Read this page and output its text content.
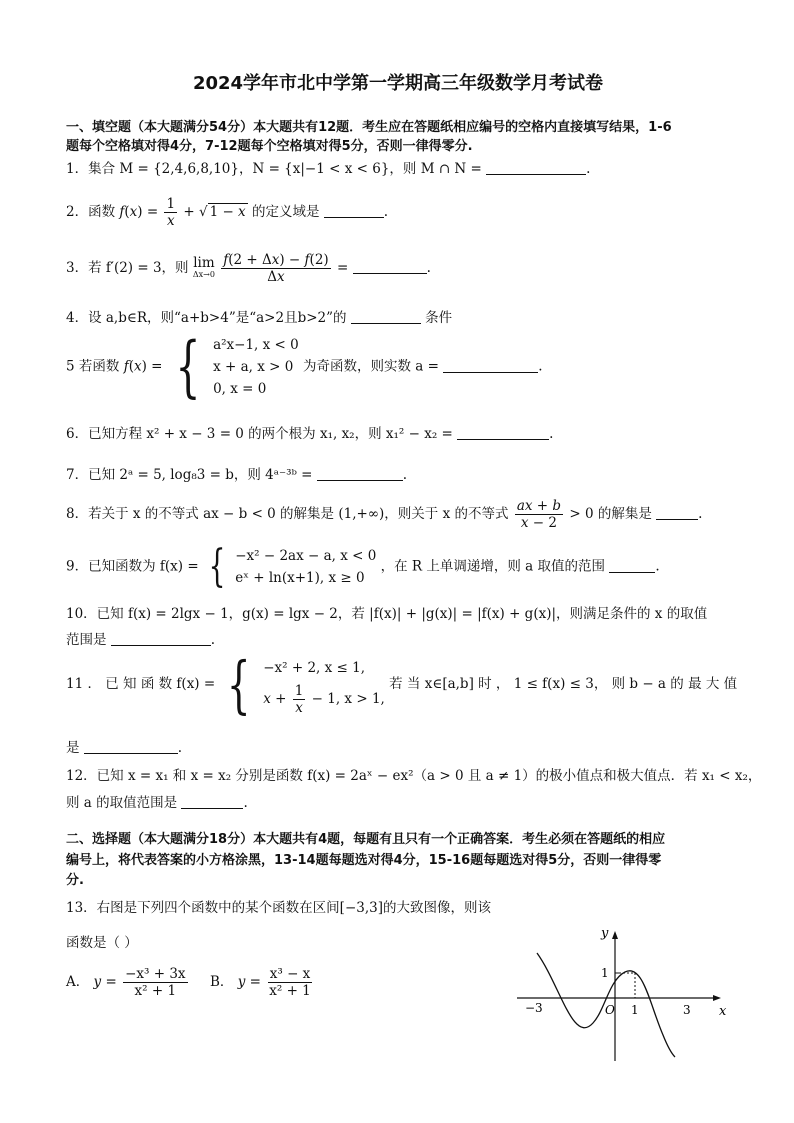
2024学年市北中学第一学期高三年级数学月考试卷
一、填空题（本大题满分54分）本大题共有12题．考生应在答题纸相应编号的空格内直接填写结果，1-6
题每个空格填对得4分，7-12题每个空格填对得5分，否则一律得零分.
1．集合 M = {2,4,6,8,10}，N = {x|−1 < x < 6}，则 M ∩ N =	.
2．函数 $f(x) = \frac{1}{x}$ + √ 1 − x 的定义域是	.
3．若 f′(2) = 3，则 lim
Δx→0
$\frac{f(2 + \Delta x) - f(2)}{\Delta x}$ =	.
4．设 a,b∈R，则“a+b>4”是“a>2且b>2”的	条件
5 若函数 f(x) = { a²x−1, x < 0
x + a, x > 0
0, x = 0
为奇函数，则实数 a =	.
6．已知方程 x² + x − 3 = 0 的两个根为 x₁, x₂，则 x₁² − x₂ =	.
7．已知 2ᵃ = 5, log₈3 = b，则 4ᵃ⁻³ᵇ =	.
8．若关于 x 的不等式 ax − b < 0 的解集是 (1,+∞)，则关于 x 的不等式 $\frac{ax + b}{x - 2} > 0$ 的解集是	.
9．已知函数为 f(x) = { −x² − 2ax − a, x < 0
eˣ + ln(x+1), x ≥ 0
，在 R 上单调递增，则 a 取值的范围	.
10．已知 f(x) = 2lgx − 1，g(x) = lgx − 2，若 |f(x)| + |g(x)| = |f(x) + g(x)|，则满足条件的 x 的取值
范围是	.
11 ． 已 知 函 数 f(x) = { −x² + 2, x ≤ 1,
$x + \frac{1}{x} - 1$, x > 1,
若 当 x∈[a,b] 时 ， 1 ≤ f(x) ≤ 3， 则 b − a 的 最 大 值
是	.
12．已知 x = x₁ 和 x = x₂ 分别是函数 f(x) = 2aˣ − ex²（a > 0 且 a ≠ 1）的极小值点和极大值点．若 x₁ < x₂，
则 a 的取值范围是	.
二、选择题（本大题满分18分）本大题共有4题，每题有且只有一个正确答案．考生必须在答题纸的相应
编号上，将代表答案的小方格涂黑，13-14题每题选对得4分，15-16题每题选对得5分，否则一律得零
分.
13．右图是下列四个函数中的某个函数在区间[−3,3]的大致图像，则该
函数是（ ）
A． $y = \frac{\text{−x³ + 3x}}{\text{x² + 1}}$ B． $y = \frac{\text{x³ − x}}{\text{x² + 1}}$
y
x
O
−3	1	3
1
